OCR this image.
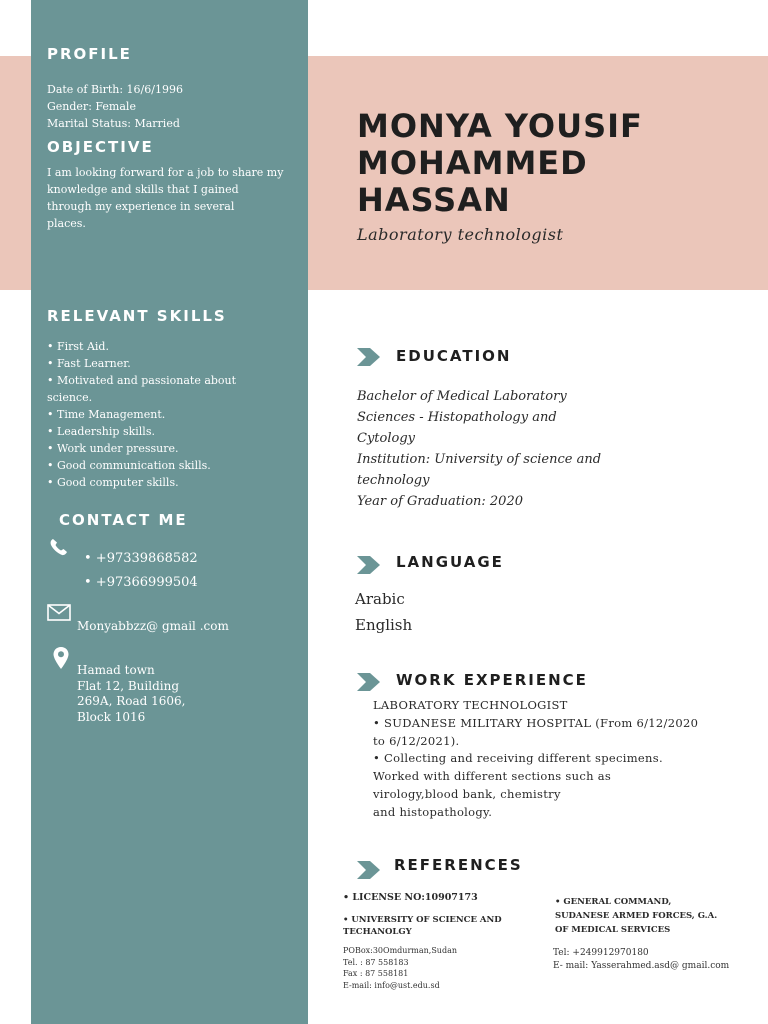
PROFILE
Date of Birth: 16/6/1996
Gender: Female
Marital Status: Married
OBJECTIVE
I am looking forward for a job to share my
knowledge and skills that I gained
through my experience in several
places.
RELEVANT SKILLS
• First Aid.
• Fast Learner.
• Motivated and passionate about
science.
• Time Management.
• Leadership skills.
• Work under pressure.
• Good communication skills.
• Good computer skills.
CONTACT ME
• +97339868582
• +97366999504
Monyabbzz@ gmail .com
Hamad town
Flat 12, Building
269A, Road 1606,
Block 1016
MONYA YOUSIF
MOHAMMED
HASSAN
Laboratory technologist
EDUCATION
Bachelor of Medical Laboratory
Sciences - Histopathology and
Cytology
Institution: University of science and
technology
Year of Graduation: 2020
LANGUAGE
Arabic
English
WORK EXPERIENCE
LABORATORY TECHNOLOGIST
• SUDANESE MILITARY HOSPITAL (From 6/12/2020
to 6/12/2021).
• Collecting and receiving different specimens.
Worked with different sections such as
virology,blood bank, chemistry
and histopathology.
REFERENCES
• LICENSE NO:10907173
• UNIVERSITY OF SCIENCE AND
TECHANOLGY
POBox:30Omdurman,Sudan
Tel. : 87 558183
Fax : 87 558181
E-mail: info@ust.edu.sd
• GENERAL COMMAND,
SUDANESE ARMED FORCES, G.A.
OF MEDICAL SERVICES
Tel: +249912970180
E- mail: Yasserahmed.asd@ gmail.com
